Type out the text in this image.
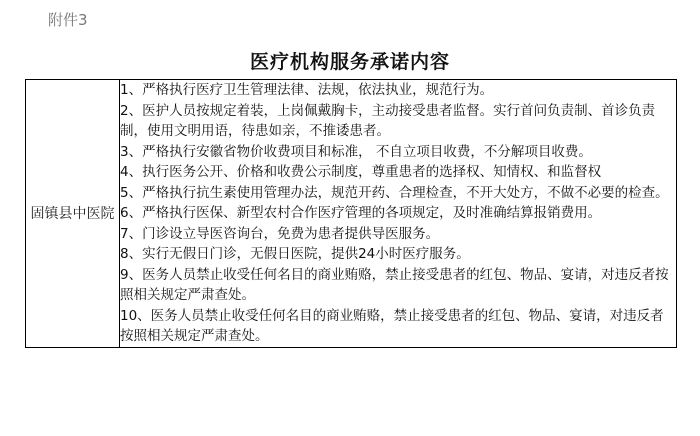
附件3
医疗机构服务承诺内容
固镇县中医院	

1、严格执行医疗卫生管理法律、法规，依法执业，规范行为。

2、医护人员按规定着装，上岗佩戴胸卡，主动接受患者监督。实行首问负责制、首诊负责制，使用文明用语，待患如亲，不推诿患者。

3、严格执行安徽省物价收费项目和标准， 不自立项目收费，不分解项目收费。

4、执行医务公开、价格和收费公示制度，尊重患者的选择权、知情权、和监督权

5、严格执行抗生素使用管理办法，规范开药、合理检查，不开大处方，不做不必要的检查。

6、严格执行医保、新型农村合作医疗管理的各项规定，及时准确结算报销费用。

7、门诊设立导医咨询台，免费为患者提供导医服务。

8、实行无假日门诊，无假日医院，提供24小时医疗服务。

9、医务人员禁止收受任何名目的商业贿赂，禁止接受患者的红包、物品、宴请，对违反者按照相关规定严肃查处。

10、医务人员禁止收受任何名目的商业贿赂，禁止接受患者的红包、物品、宴请，对违反者按照相关规定严肃查处。
